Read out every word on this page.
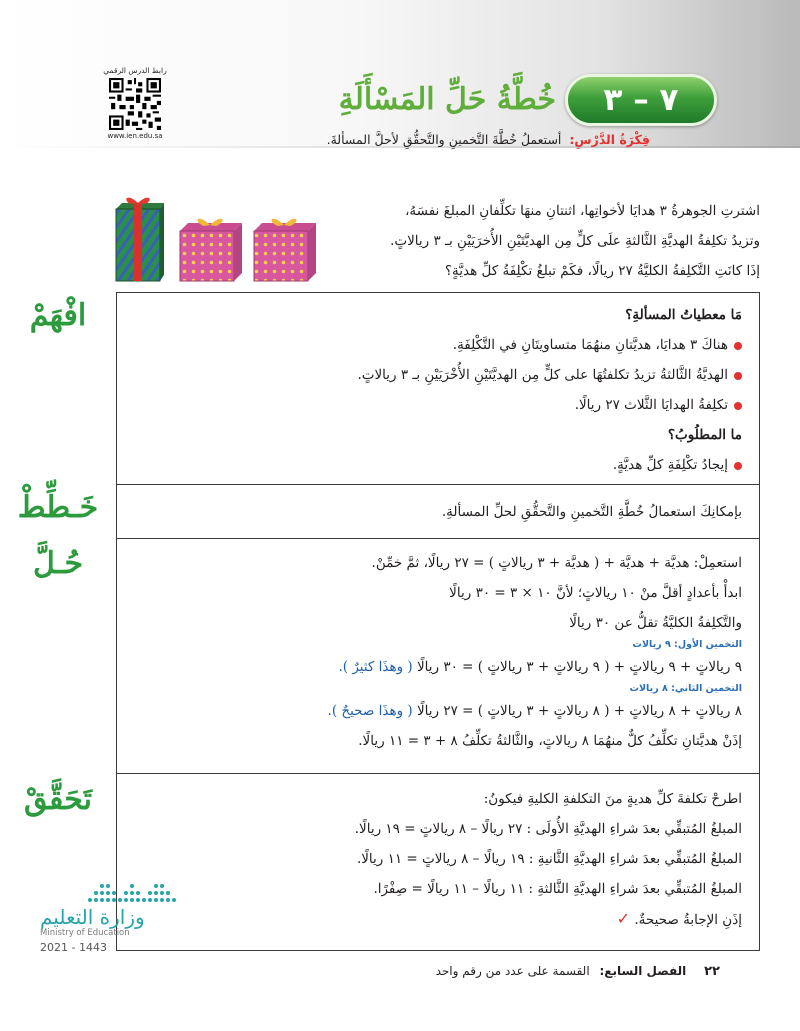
رابط الدرس الرقمي
www.ien.edu.sa
٧ – ٣
خُطَّةُ حَلِّ المَسْأَلَةِ
فِكْرَةُ الدَّرْسِ: أستعملُ خُطَّةَ التَّخمينِ والتَّحقُّقِ لأحلَّ المسألةَ.

اشترتِ الجوهرةُ ٣ هدايَا لأخواتِها، اثنتانِ منهَا تكلِّفانِ المبلغَ نفسَهُ،

وتزيدُ تكلِفةُ الهديَّةِ الثَّالثةِ علَى كلٍّ مِن الهديَّتَيْنِ الأُخرَيَيْنِ بـ ٣ ريالاتٍ.

إذَا كانَتِ التَّكلِفةُ الكليَّةُ ٢٧ ريالًا، فكَمْ تبلغُ تكْلِفَةُ كلِّ هديَّةٍ؟

افْهَمْ	مَا معطياتُ المسألةِ؟
هناكَ ٣ هدايَا، هديَّتانِ منهُمَا متساويتَانِ في التَّكْلِفَةِ.
الهديَّةُ الثَّالثةُ تزيدُ تكلفتُهَا على كلٍّ مِن الهديَّتَيْنِ الأُخْرَيَيْنِ بـ ٣ ريالاتٍ.
تكلِفةُ الهدايَا الثَّلاث ٢٧ ريالًا.
ما المطلُوبُ؟
إيجادُ تكْلِفَةِ كلِّ هديَّةٍ.
خَـطِّطْ	بإمكانِكَ استعمالُ خُطَّةِ التَّخمينِ والتَّحقُّقِ لحلِّ المسألةِ.
حُـلَّ	استعمِلْ: هديَّة + هديَّة + ( هديَّة + ٣ ريالاتٍ ) = ٢٧ ريالًا، ثمَّ خمِّنْ.
ابدأْ بأعدادٍ أقلَّ منْ ١٠ ريالاتٍ؛ لأنَّ ١٠ × ٣ = ٣٠ ريالًا
والتَّكلِفةُ الكليَّةُ تقلُّ عن ٣٠ ريالًا
التخمين الأول: ٩ ريالات
٩ ريالاتٍ + ٩ ريالاتٍ + ( ٩ ريالاتٍ + ٣ ريالاتٍ ) = ٣٠ ريالًا ( وهذَا كثيرٌ ).
التخمين الثاني: ٨ ريالات
٨ ريالاتٍ + ٨ ريالاتٍ + ( ٨ ريالاتٍ + ٣ ريالاتٍ ) = ٢٧ ريالًا ( وهذَا صحيحٌ ).
إذَنْ هديَّتانِ تكلِّفُ كلٌّ منهُمَا ٨ ريالاتٍ، والثَّالثةُ تكلِّفُ ٨ + ٣ = ١١ ريالًا.
تَحَقَّقْ	اطرحْ تكلفةَ كلِّ هديةٍ منَ التكلفةِ الكليةِ فيكونُ:
المبلغُ المُتبقِّي بعدَ شراءِ الهديَّةِ الأُولَى : ٢٧ ريالًا – ٨ ريالاتٍ = ١٩ ريالًا.
المبلغُ المُتبقِّي بعدَ شراءِ الهديَّةِ الثَّانيةِ : ١٩ ريالًا – ٨ ريالاتٍ = ١١ ريالًا.
المبلغُ المُتبقِّي بعدَ شراءِ الهديَّةِ الثَّالثةِ : ١١ ريالًا – ١١ ريالًا = صِفْرًا.
إذَنِ الإجابةُ صحيحةٌ. ✓
وزارة التعليم
Ministry of Education
2021 - 1443
٢٢ الفصل السابع: القسمة على عدد من رقم واحد
